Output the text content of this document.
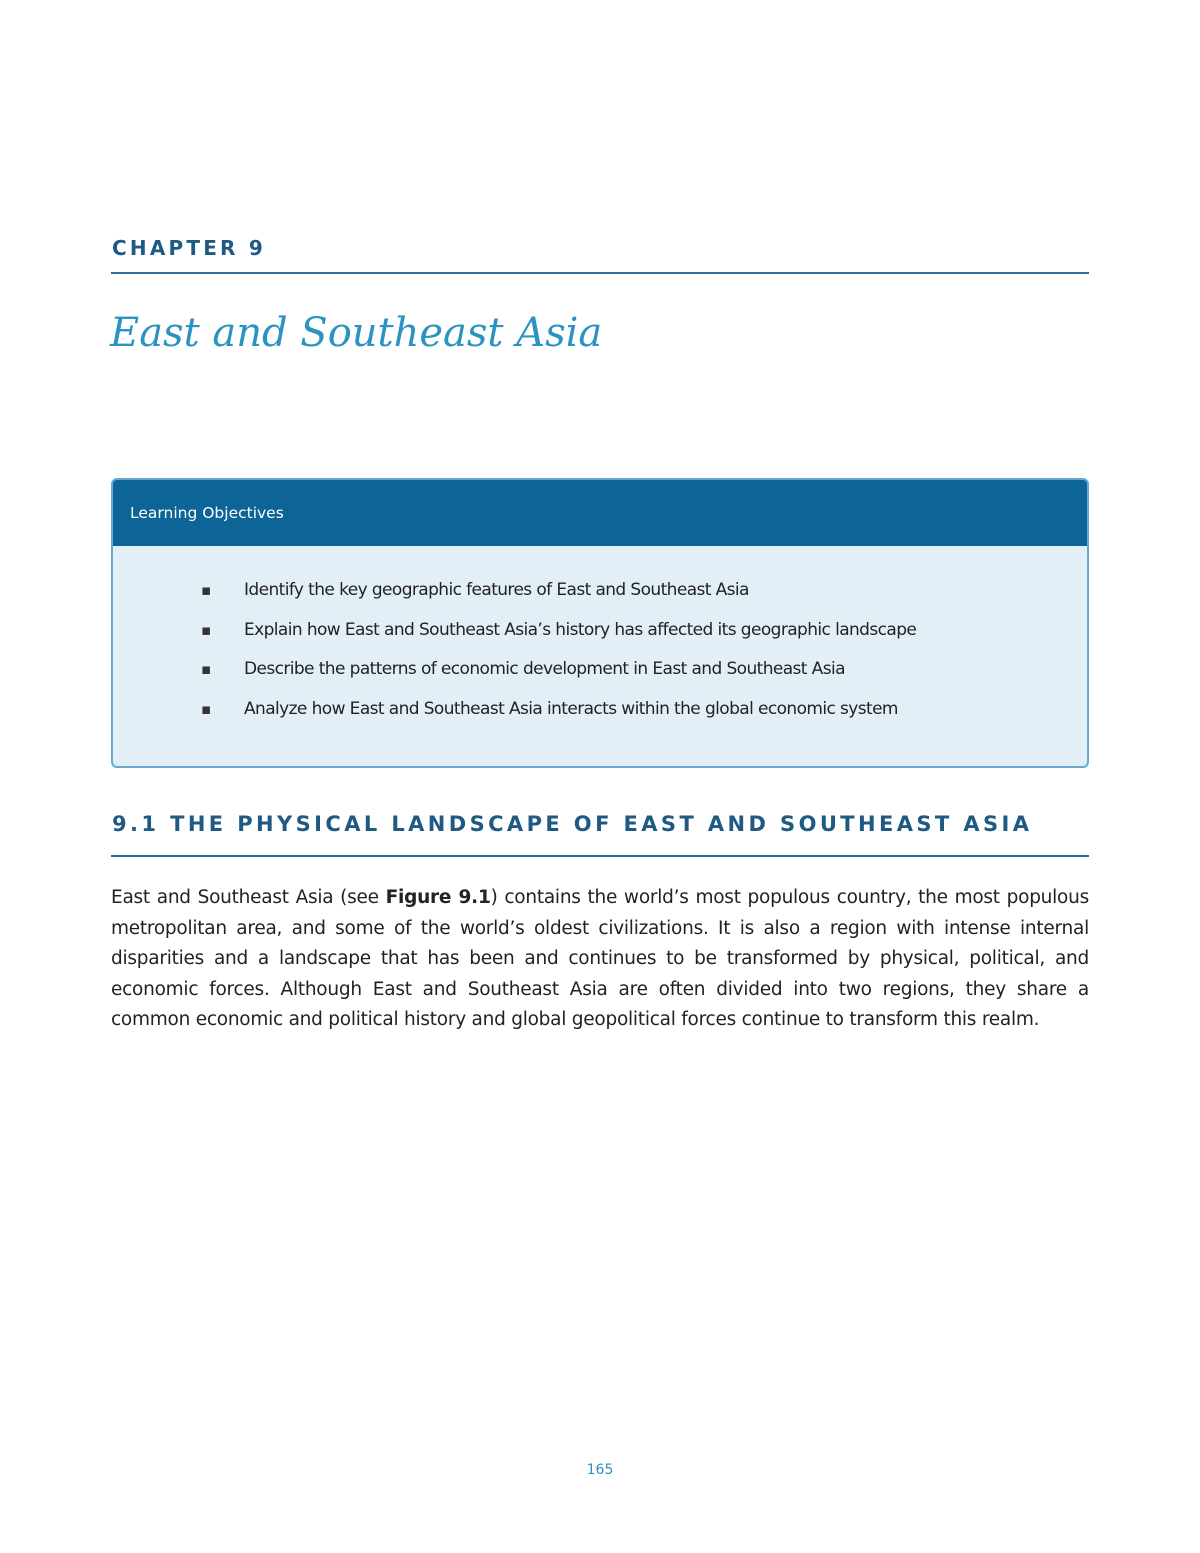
CHAPTER 9
East and Southeast Asia
Learning Objectives
▪ Identify the key geographic features of East and Southeast Asia
▪ Explain how East and Southeast Asia’s history has affected its geographic landscape
▪ Describe the patterns of economic development in East and Southeast Asia
▪ Analyze how East and Southeast Asia interacts within the global economic system
9.1 THE PHYSICAL LANDSCAPE OF EAST AND SOUTHEAST ASIA

East and Southeast Asia (see Figure 9.1) contains the world’s most populous country, the most populous metropolitan area, and some of the world’s oldest civilizations. It is also a region with intense internal disparities and a landscape that has been and continues to be transformed by physical, political, and economic forces. Although East and Southeast Asia are often divided into two regions, they share a common economic and political history and global geopolitical forces continue to transform this realm.

165
